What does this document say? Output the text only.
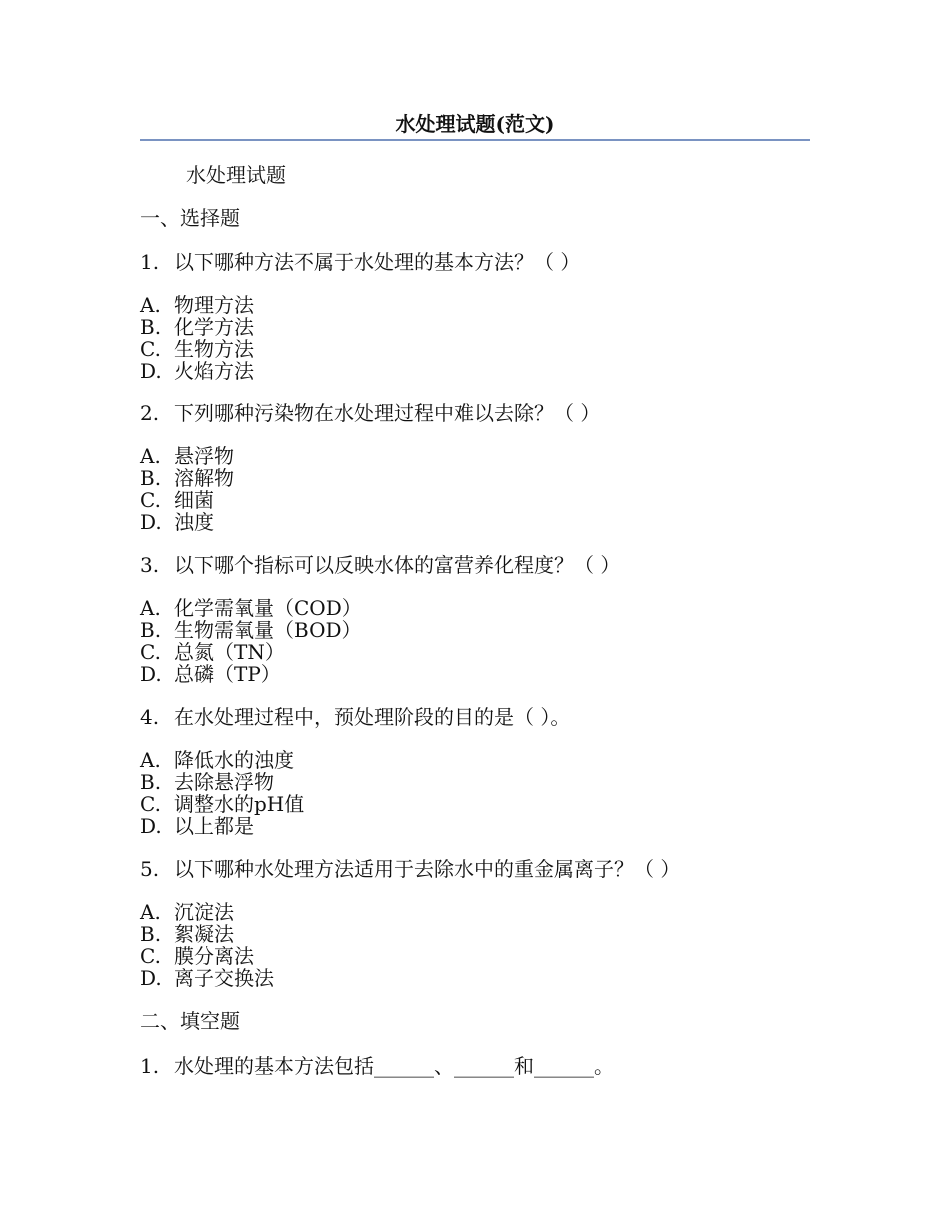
水处理试题(范文)
水处理试题
一、选择题
1. 以下哪种方法不属于水处理的基本方法？（ ）
A. 物理方法
B. 化学方法
C. 生物方法
D. 火焰方法
2. 下列哪种污染物在水处理过程中难以去除？（ ）
A. 悬浮物
B. 溶解物
C. 细菌
D. 浊度
3. 以下哪个指标可以反映水体的富营养化程度？（ ）
A. 化学需氧量（COD）
B. 生物需氧量（BOD）
C. 总氮（TN）
D. 总磷（TP）
4. 在水处理过程中，预处理阶段的目的是（ ）。
A. 降低水的浊度
B. 去除悬浮物
C. 调整水的pH值
D. 以上都是
5. 以下哪种水处理方法适用于去除水中的重金属离子？（ ）
A. 沉淀法
B. 絮凝法
C. 膜分离法
D. 离子交换法
二、填空题
1. 水处理的基本方法包括______、______和______。
